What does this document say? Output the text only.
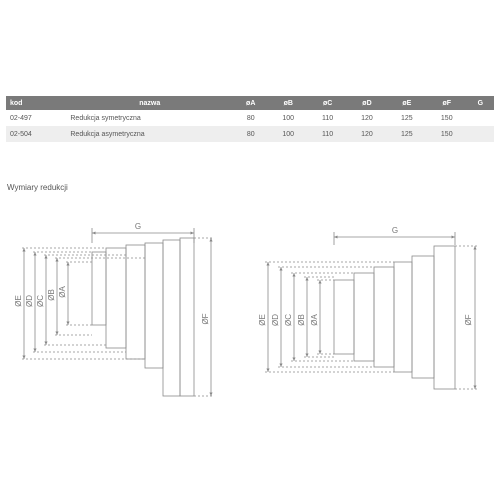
kod	nazwa	øA	øB	øC	øD	øE	øF	G
02-497	Redukcja symetryczna	80	100	110	120	125	150	
02-504	Redukcja asymetryczna	80	100	110	120	125	150	
Wymiary redukcji
G
ØE ØD ØC ØB ØA
ØF
G
ØE ØD ØC ØB ØA	ØF
